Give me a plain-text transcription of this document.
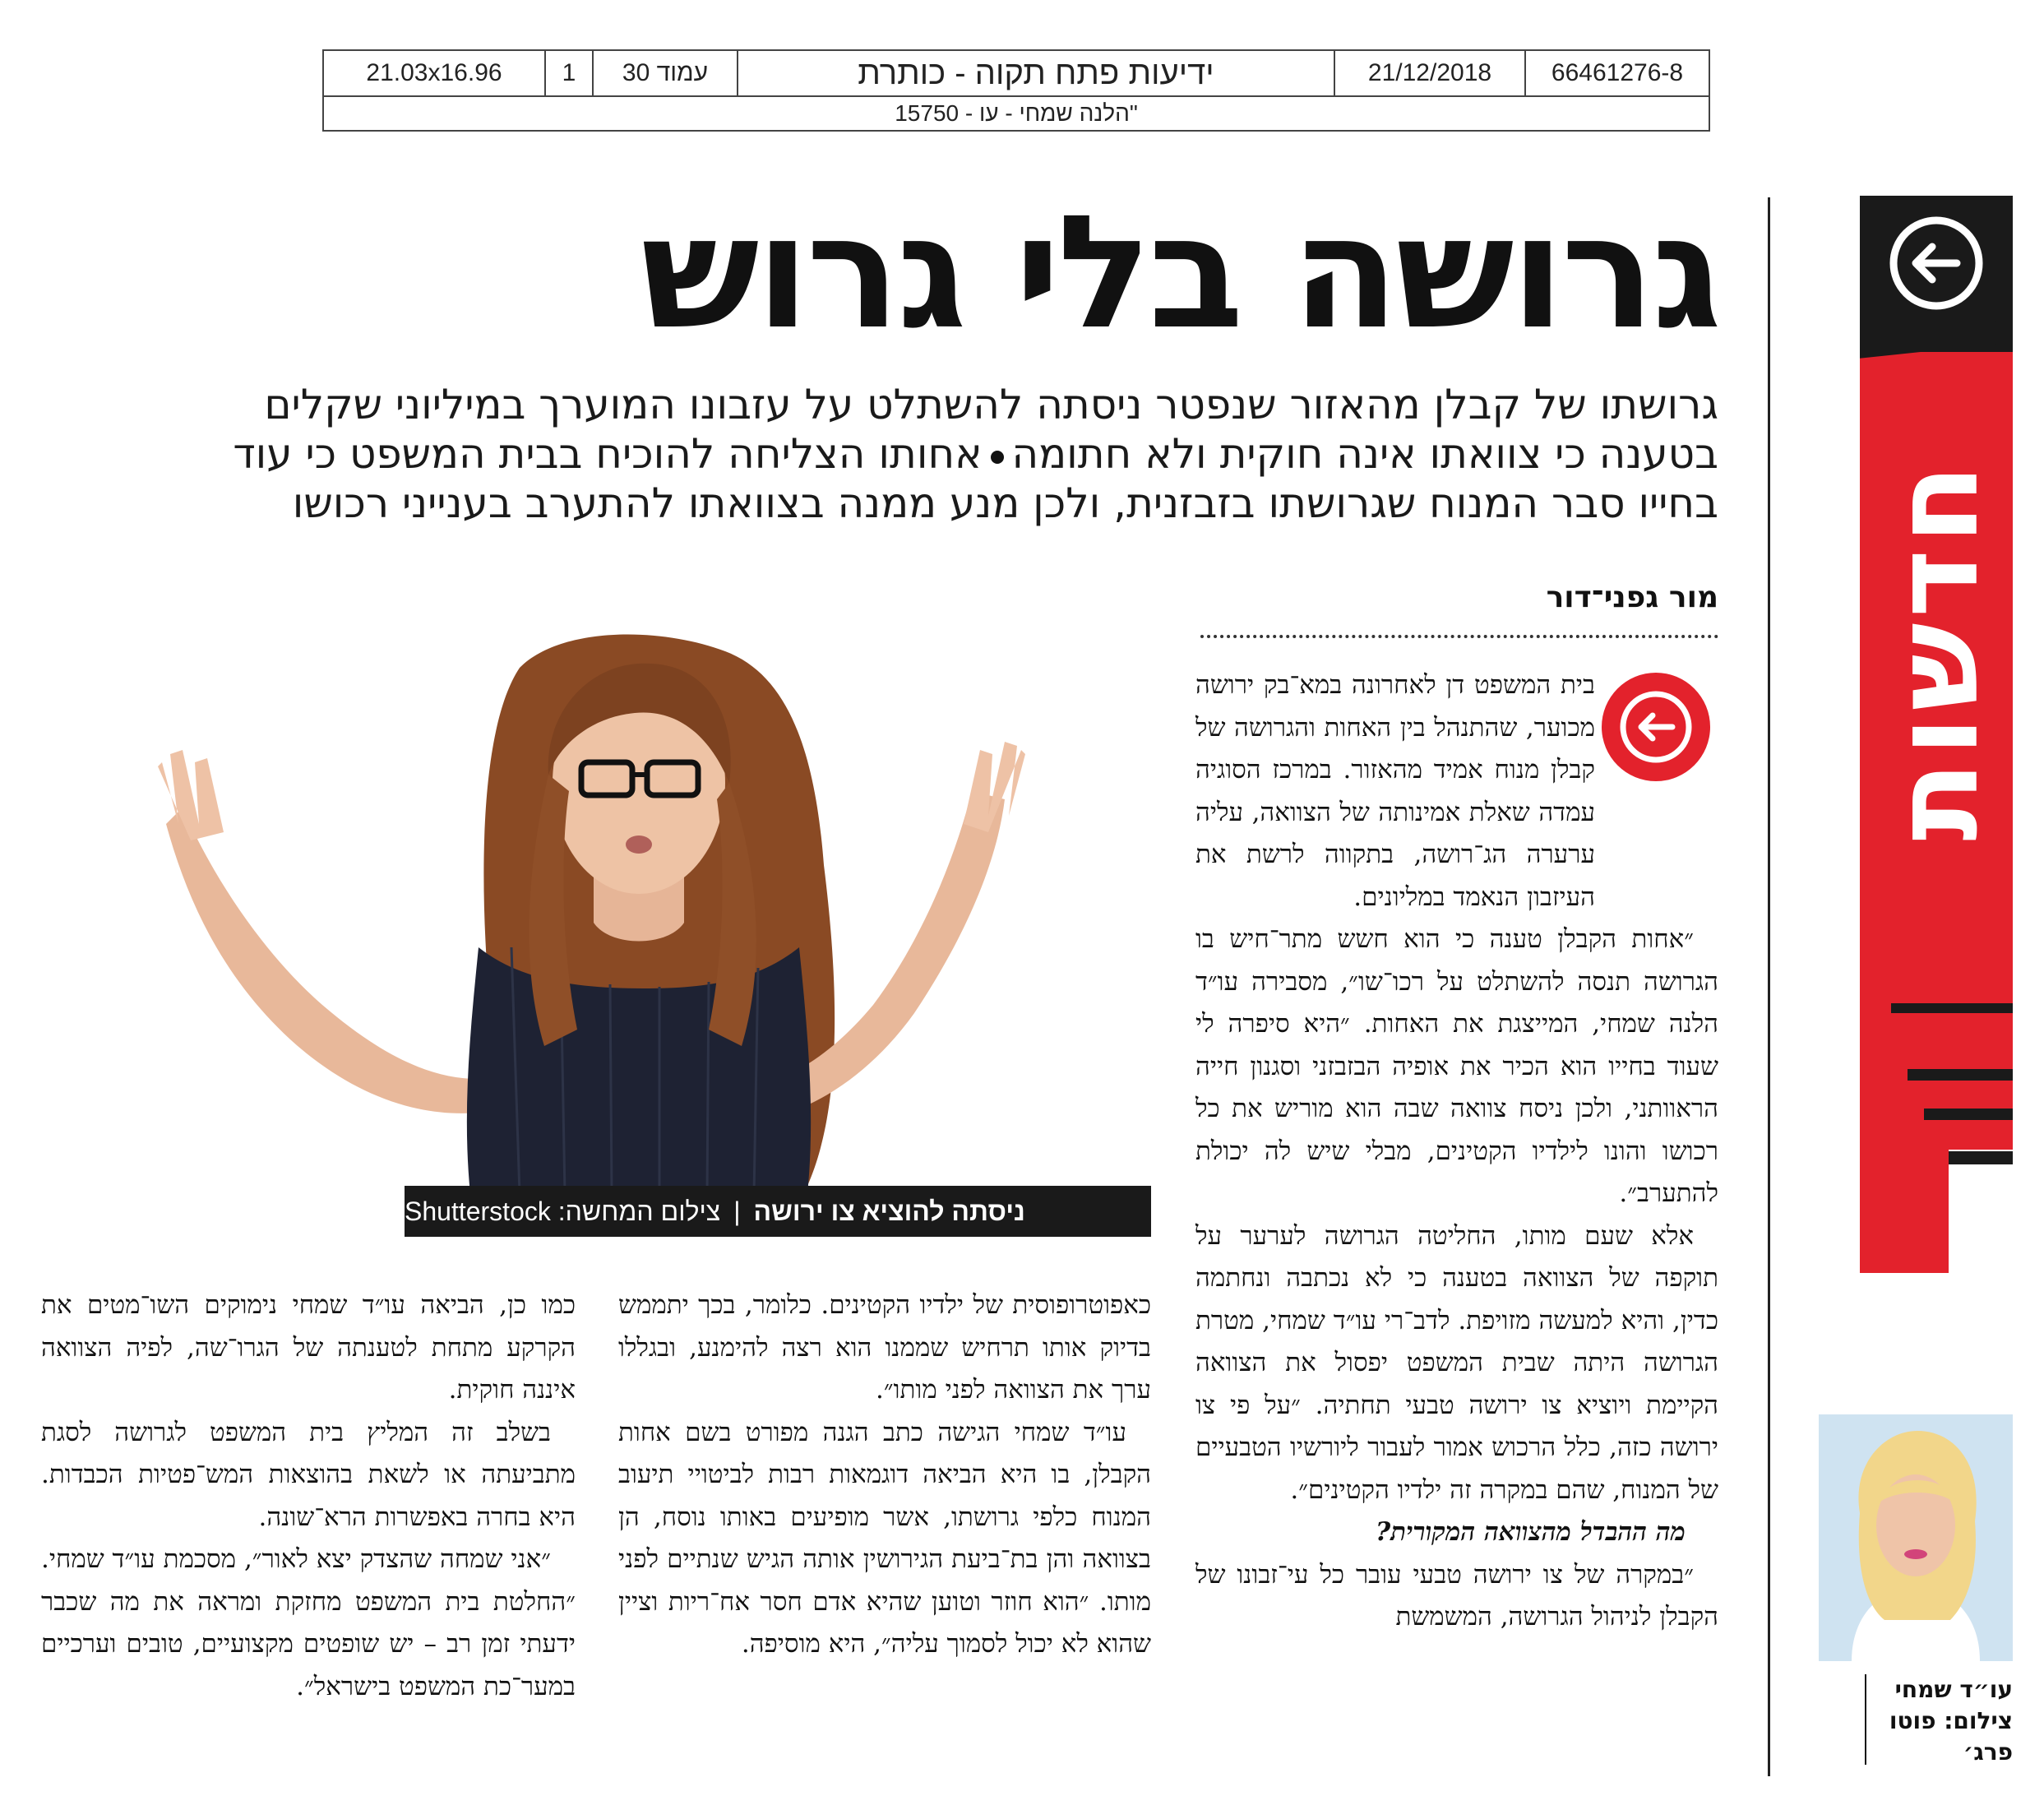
21.03x16.96	1	עמוד 30	ידיעות פתח תקוה - כותרת	21/12/2018	66461276-8
"הלנה שמחי - עו - 15750
חדשות
גרושה בלי גרוש
גרושתו של קבלן מהאזור שנפטר ניסתה להשתלט על עזבונו המוערך במיליוני שקלים בטענה כי צוואתו אינה חוקית ולא חתומהאחותו הצליחה להוכיח בבית המשפט כי עוד בחייו סבר המנוח שגרושתו בזבזנית, ולכן מנע ממנה בצוואתו להתערב בענייני רכושו
מור גפני־דור

בית המשפט דן לאחרונה במא־בק ירושה מכוער, שהתנהל בין האחות והגרושה של קבלן מנוח אמיד מהאזור. במרכז הסוגיה עמדה שאלת אמינותה של הצוואה, עליה ערערה הג־רושה, בתקווה לרשת את העיזבון הנאמד במליונים.

״אחות הקבלן טענה כי הוא חשש מתר־חיש בו הגרושה תנסה להשתלט על רכו־שו״, מסבירה עו״ד הלנה שמחי, המייצגת את האחות. ״היא סיפרה לי שעוד בחייו הוא הכיר את אופיה הבזבזני וסגנון חייה הראוותני, ולכן ניסח צוואה שבה הוא מוריש את כל רכושו והונו לילדיו הקטינים, מבלי שיש לה יכולת להתערב״.

אלא שעם מותו, החליטה הגרושה לערער על תוקפה של הצוואה בטענה כי לא נכתבה ונחתמה כדין, והיא למעשה מזויפת. לדב־רי עו״ד שמחי, מטרת הגרושה היתה שבית המשפט יפסול את הצוואה הקיימת ויוציא צו ירושה טבעי תחתיה. ״על פי צו ירושה כזה, כלל הרכוש אמור לעבור ליורשיו הטבעיים של המנוח, שהם במקרה זה ילדיו הקטינים״.

מה ההבדל מהצוואה המקורית?

״במקרה של צו ירושה טבעי עובר כל עי־זבונו של הקבלן לניהול הגרושה, המשמשת

ניסתה להוציא צו ירושה
|
צילום המחשה: Shutterstock

כאפוטרופוסית של ילדיו הקטינים. כלומר, בכך יתממש בדיוק אותו תרחיש שממנו הוא רצה להימנע, ובגללו ערך את הצוואה לפני מותו״.

עו״ד שמחי הגישה כתב הגנה מפורט בשם אחות הקבלן, בו היא הביאה דוגמאות רבות לביטויי תיעוב המנוח כלפי גרושתו, אשר מופיעים באותו נוסח, הן בצוואה והן בת־ביעת הגירושין אותה הגיש שנתיים לפני מותו. ״הוא חוזר וטוען שהיא אדם חסר אח־ריות וציין שהוא לא יכול לסמוך עליה״, היא מוסיפה.

כמו כן, הביאה עו״ד שמחי נימוקים השו־מטים את הקרקע מתחת לטענתה של הגרו־שה, לפיה הצוואה איננה חוקית.

בשלב זה המליץ בית המשפט לגרושה לסגת מתביעתה או לשאת בהוצאות המש־פטיות הכבדות. היא בחרה באפשרות הרא־שונה.

״אני שמחה שהצדק יצא לאור״, מסכמת עו״ד שמחי. ״החלטת בית המשפט מחזקת ומראה את מה שכבר ידעתי זמן רב – יש שופטים מקצועיים, טובים וערכיים במער־כת המשפט בישראל״.	עו״ד שמחי
צילום: פוטו פרג׳
